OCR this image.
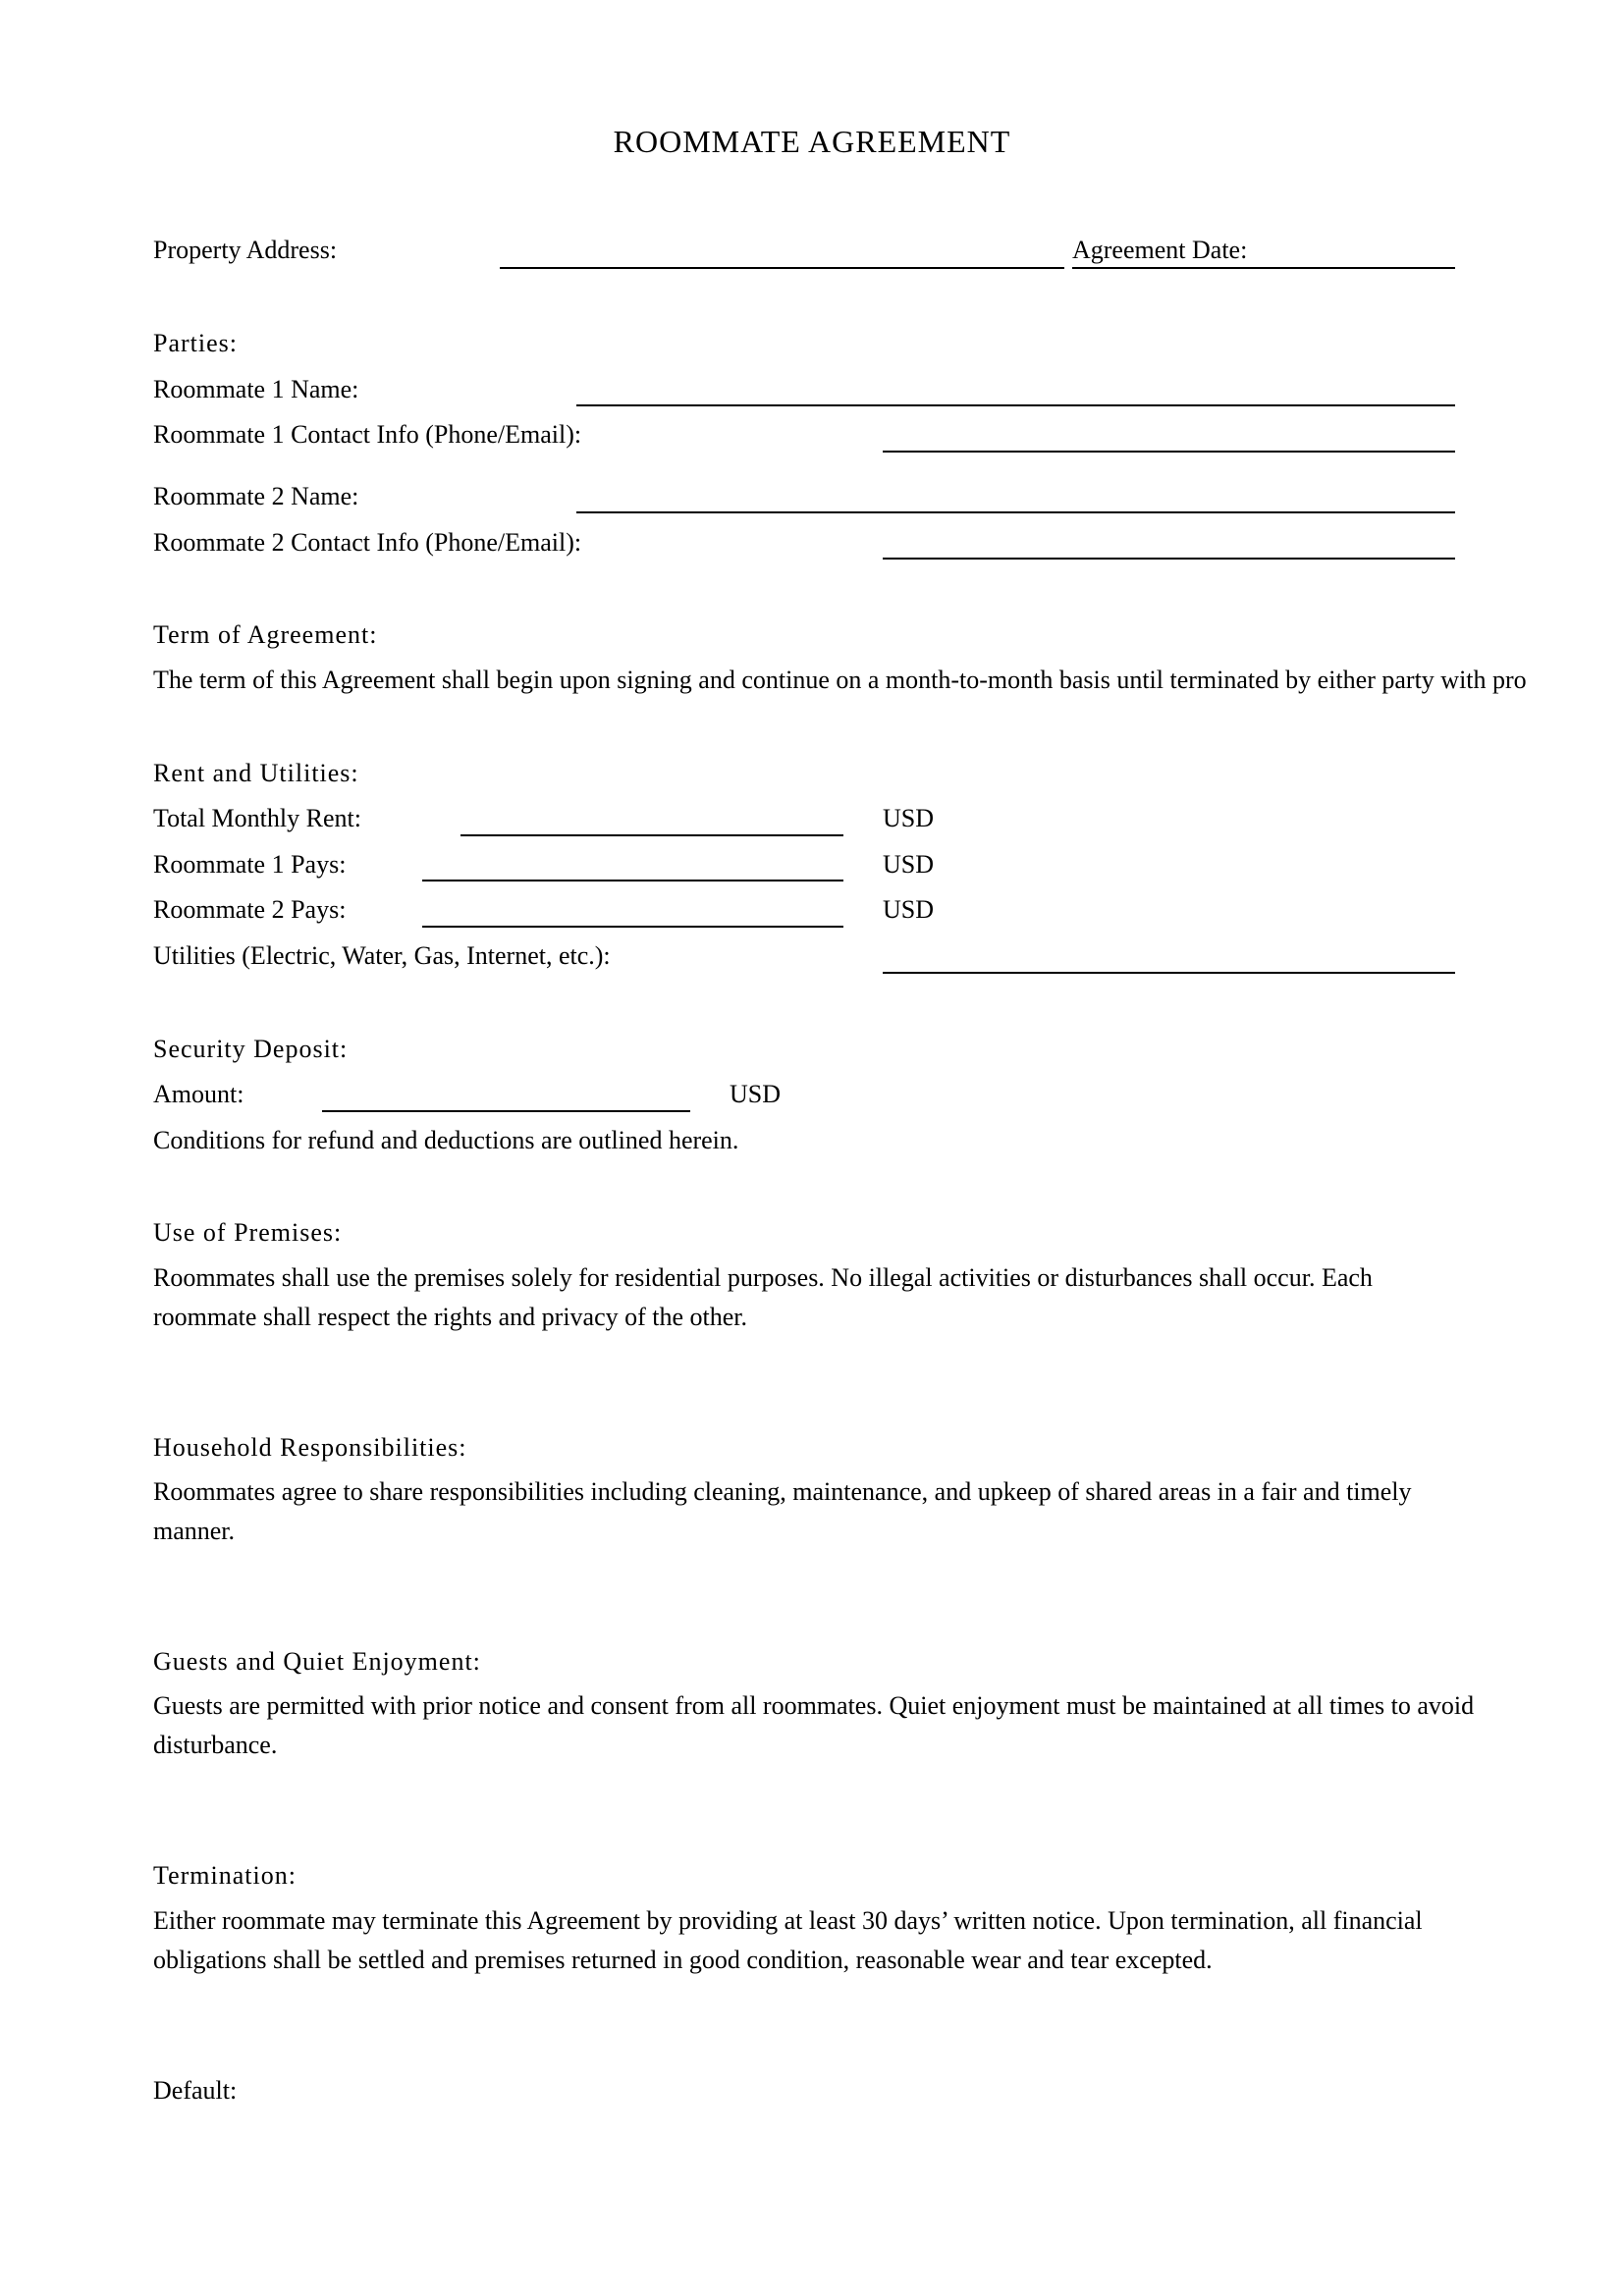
ROOMMATE AGREEMENT
Property Address:	Agreement Date:
Parties:
Roommate 1 Name:
Roommate 1 Contact Info (Phone/Email):
Roommate 2 Name:
Roommate 2 Contact Info (Phone/Email):
Term of Agreement:
The term of this Agreement shall begin upon signing and continue on a month-to-month basis until terminated by either party with pro
Rent and Utilities:
Total Monthly Rent:	USD
Roommate 1 Pays:	USD
Roommate 2 Pays:	USD
Utilities (Electric, Water, Gas, Internet, etc.):
Security Deposit:
Amount:	USD
Conditions for refund and deductions are outlined herein.
Use of Premises:
Roommates shall use the premises solely for residential purposes. No illegal activities or disturbances shall occur. Each roommate shall respect the rights and privacy of the other.
Household Responsibilities:
Roommates agree to share responsibilities including cleaning, maintenance, and upkeep of shared areas in a fair and timely manner.
Guests and Quiet Enjoyment:
Guests are permitted with prior notice and consent from all roommates. Quiet enjoyment must be maintained at all times to avoid disturbance.
Termination:
Either roommate may terminate this Agreement by providing at least 30 days’ written notice. Upon termination, all financial obligations shall be settled and premises returned in good condition, reasonable wear and tear excepted.
Default:
